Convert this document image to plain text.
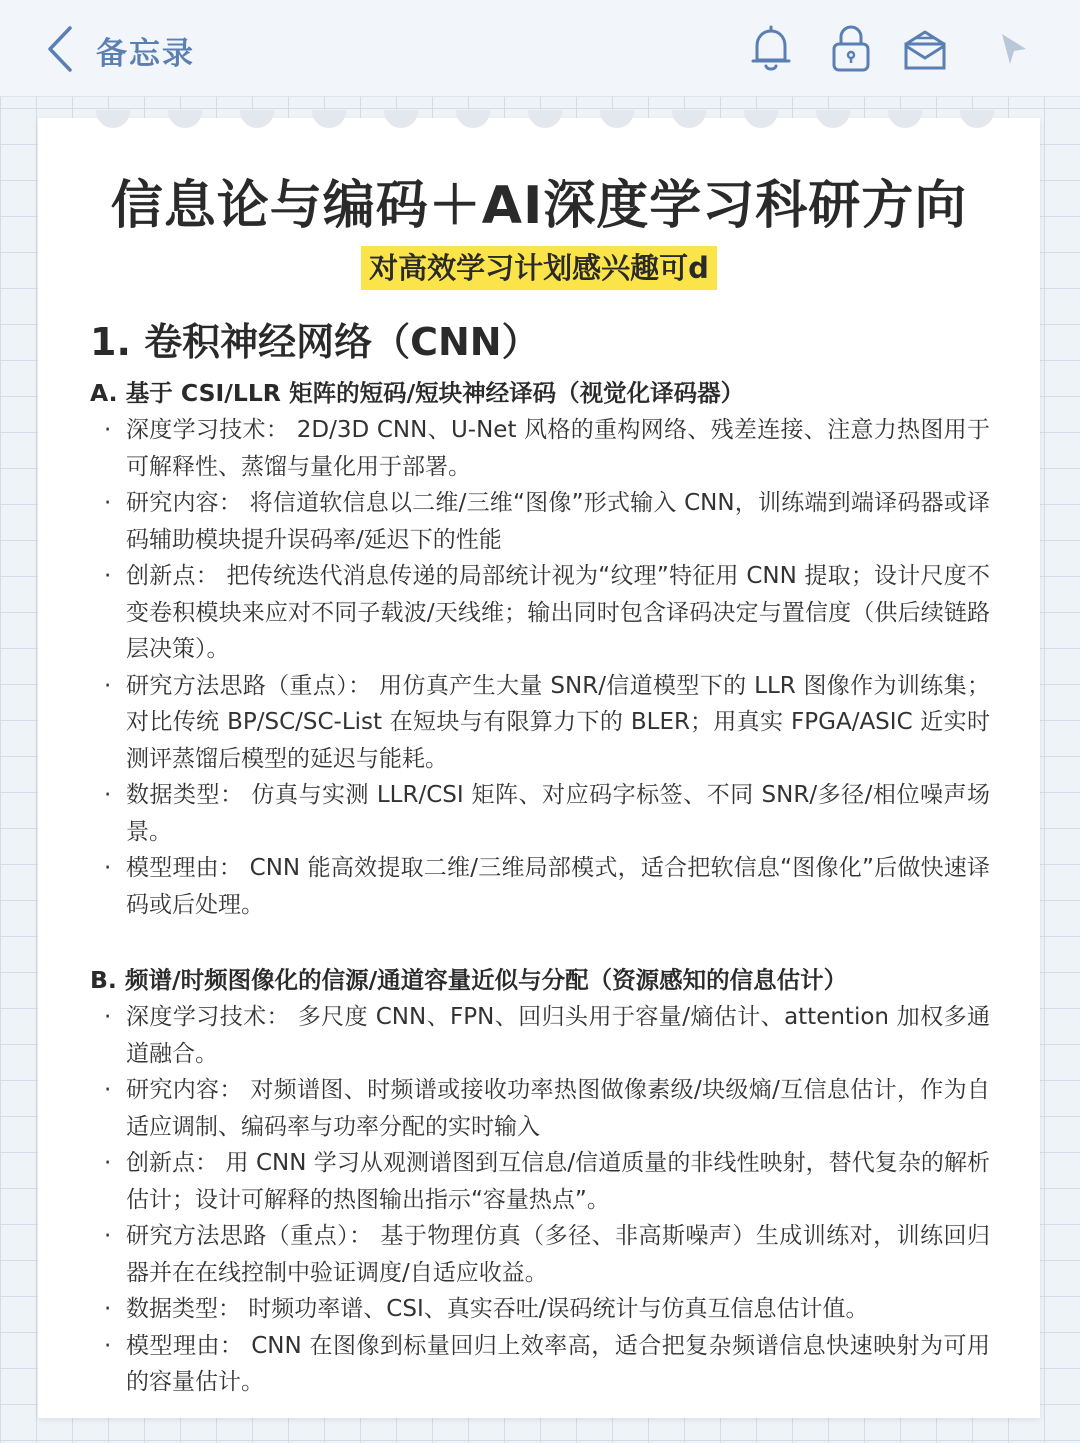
备忘录
信息论与编码＋AI深度学习科研方向
对高效学习计划感兴趣可d
1. 卷积神经网络（CNN）
A. 基于 CSI/LLR 矩阵的短码/短块神经译码（视觉化译码器）
· 深度学习技术： 2D/3D CNN、U-Net 风格的重构网络、残差连接、注意力热图用于可解释性、蒸馏与量化用于部署。
· 研究内容： 将信道软信息以二维/三维“图像”形式输入 CNN，训练端到端译码器或译码辅助模块提升误码率/延迟下的性能
· 创新点： 把传统迭代消息传递的局部统计视为“纹理”特征用 CNN 提取；设计尺度不变卷积模块来应对不同子载波/天线维；输出同时包含译码决定与置信度（供后续链路层决策）。
· 研究方法思路（重点）： 用仿真产生大量 SNR/信道模型下的 LLR 图像作为训练集；对比传统 BP/SC/SC-List 在短块与有限算力下的 BLER；用真实 FPGA/ASIC 近实时测评蒸馏后模型的延迟与能耗。
· 数据类型： 仿真与实测 LLR/CSI 矩阵、对应码字标签、不同 SNR/多径/相位噪声场景。
· 模型理由： CNN 能高效提取二维/三维局部模式，适合把软信息“图像化”后做快速译码或后处理。
B. 频谱/时频图像化的信源/通道容量近似与分配（资源感知的信息估计）
· 深度学习技术： 多尺度 CNN、FPN、回归头用于容量/熵估计、attention 加权多通道融合。
· 研究内容： 对频谱图、时频谱或接收功率热图做像素级/块级熵/互信息估计，作为自适应调制、编码率与功率分配的实时输入
· 创新点： 用 CNN 学习从观测谱图到互信息/信道质量的非线性映射，替代复杂的解析估计；设计可解释的热图输出指示“容量热点”。
· 研究方法思路（重点）： 基于物理仿真（多径、非高斯噪声）生成训练对，训练回归器并在在线控制中验证调度/自适应收益。
· 数据类型： 时频功率谱、CSI、真实吞吐/误码统计与仿真互信息估计值。
· 模型理由： CNN 在图像到标量回归上效率高，适合把复杂频谱信息快速映射为可用的容量估计。
